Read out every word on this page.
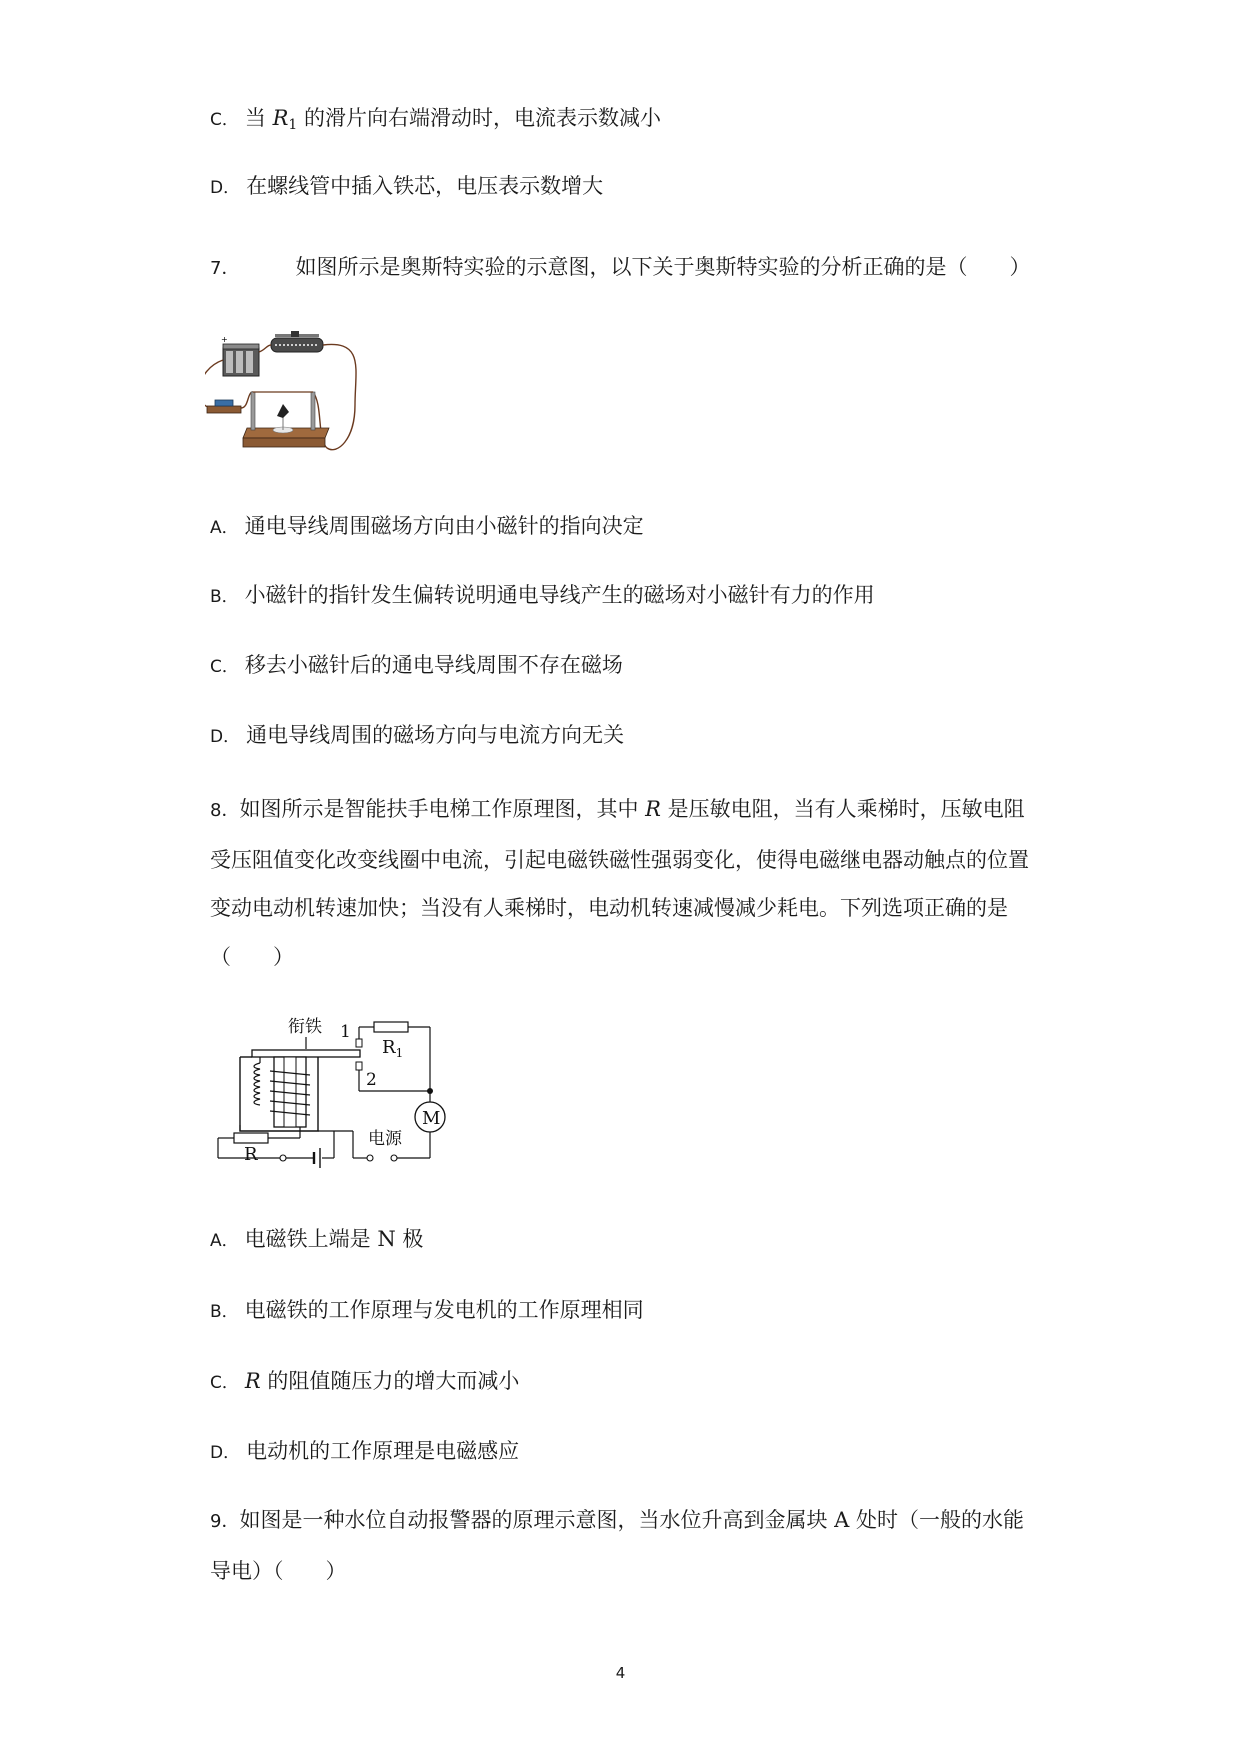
C． 当 $R_1$ 的滑片向右端滑动时，电流表示数减小
D． 在螺线管中插入铁芯，电压表示数增大
7．	如图所示是奥斯特实验的示意图，以下关于奥斯特实验的分析正确的是（　　）
+
A． 通电导线周围磁场方向由小磁针的指向决定
B． 小磁针的指针发生偏转说明通电导线产生的磁场对小磁针有力的作用
C． 移去小磁针后的通电导线周围不存在磁场
D． 通电导线周围的磁场方向与电流方向无关
8．如图所示是智能扶手电梯工作原理图，其中 R 是压敏电阻，当有人乘梯时，压敏电阻受压阻值变化改变线圈中电流，引起电磁铁磁性强弱变化，使得电磁继电器动触点的位置变动电动机转速加快；当没有人乘梯时，电动机转速减慢减少耗电。下列选项正确的是（　　）
衔铁 1
2
$R_1$
M
电源
R
A． 电磁铁上端是 N 极
B． 电磁铁的工作原理与发电机的工作原理相同
C． R 的阻值随压力的增大而减小
D． 电动机的工作原理是电磁感应
9．如图是一种水位自动报警器的原理示意图，当水位升高到金属块 A 处时（一般的水能导电）（　　）
4
